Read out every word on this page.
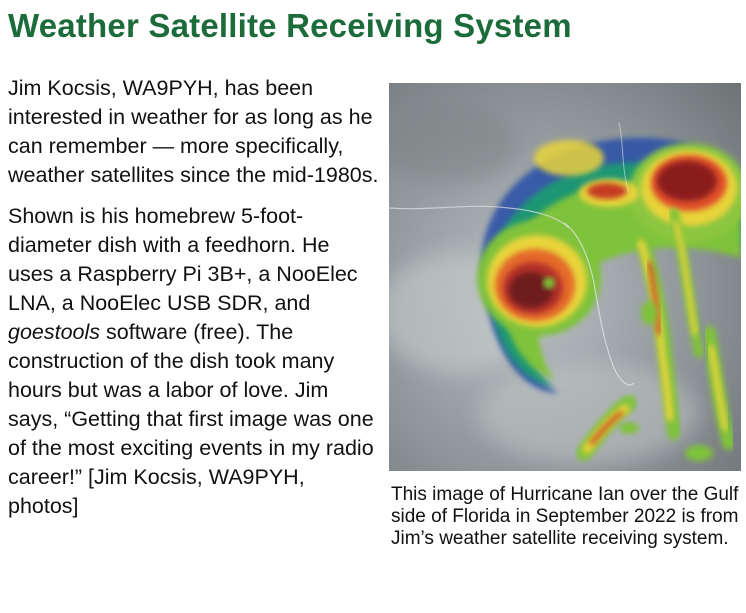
Weather Satellite Receiving System

Jim Kocsis, WA9PYH, has been interested in weather for as long as he can remember — more specifically, weather satellites since the mid-1980s.

Shown is his homebrew 5-foot-diameter dish with a feedhorn. He uses a Raspberry Pi 3B+, a NooElec LNA, a NooElec USB SDR, and goestools software (free). The construction of the dish took many hours but was a labor of love. Jim says, “Getting that first image was one of the most exciting events in my radio career!” [Jim Kocsis, WA9PYH, photos]	This image of Hurricane Ian over the Gulf side of Florida in September 2022 is from Jim’s weather satellite receiving system.
